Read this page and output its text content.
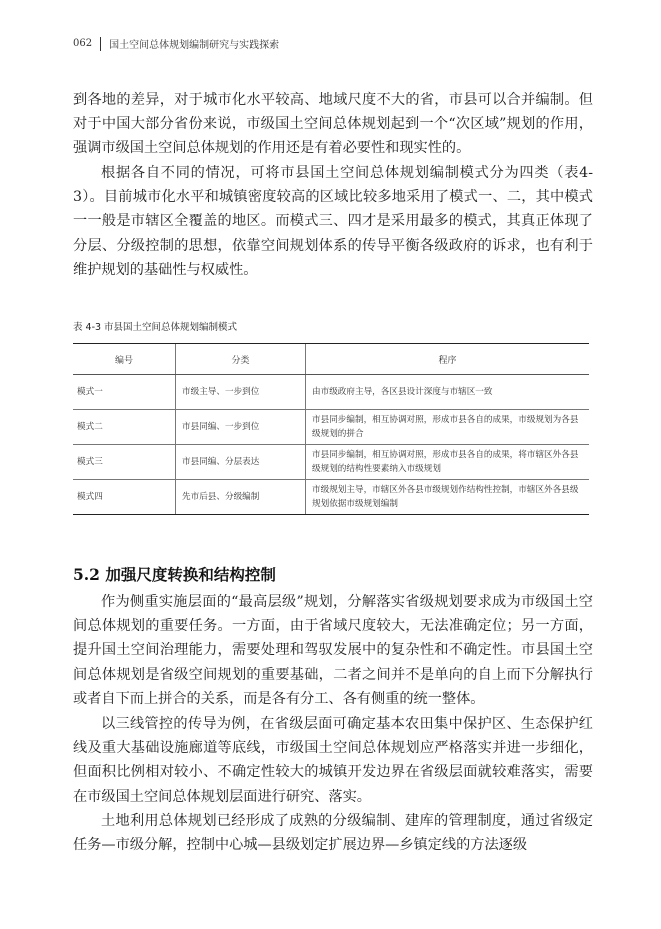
062 国土空间总体规划编制研究与实践探索

到各地的差异，对于城市化水平较高、地域尺度不大的省，市县可以合并编制。但对于中国大部分省份来说，市级国土空间总体规划起到一个“次区域”规划的作用，强调市级国土空间总体规划的作用还是有着必要性和现实性的。

根据各自不同的情况，可将市县国土空间总体规划编制模式分为四类（表4-3）。目前城市化水平和城镇密度较高的区域比较多地采用了模式一、二，其中模式一一般是市辖区全覆盖的地区。而模式三、四才是采用最多的模式，其真正体现了分层、分级控制的思想，依靠空间规划体系的传导平衡各级政府的诉求，也有利于维护规划的基础性与权威性。

表 4-3 市县国土空间总体规划编制模式
编号	分类	程序
模式一	市级主导、一步到位	由市级政府主导，各区县设计深度与市辖区一致
模式二	市县同编、一步到位	市县同步编制，相互协调对照，形成市县各自的成果，市级规划为各县级规划的拼合
模式三	市县同编、分层表达	市县同步编制，相互协调对照，形成市县各自的成果，将市辖区外各县级规划的结构性要素纳入市级规划
模式四	先市后县、分级编制	市级规划主导，市辖区外各县市级规划作结构性控制，市辖区外各县级规划依据市级规划编制
5.2 加强尺度转换和结构控制

作为侧重实施层面的“最高层级”规划，分解落实省级规划要求成为市级国土空间总体规划的重要任务。一方面，由于省域尺度较大，无法准确定位；另一方面，提升国土空间治理能力，需要处理和驾驭发展中的复杂性和不确定性。市县国土空间总体规划是省级空间规划的重要基础，二者之间并不是单向的自上而下分解执行或者自下而上拼合的关系，而是各有分工、各有侧重的统一整体。

以三线管控的传导为例，在省级层面可确定基本农田集中保护区、生态保护红线及重大基础设施廊道等底线，市级国土空间总体规划应严格落实并进一步细化，但面积比例相对较小、不确定性较大的城镇开发边界在省级层面就较难落实，需要在市级国土空间总体规划层面进行研究、落实。

土地利用总体规划已经形成了成熟的分级编制、建库的管理制度，通过省级定任务—市级分解，控制中心城—县级划定扩展边界—乡镇定线的方法逐级
